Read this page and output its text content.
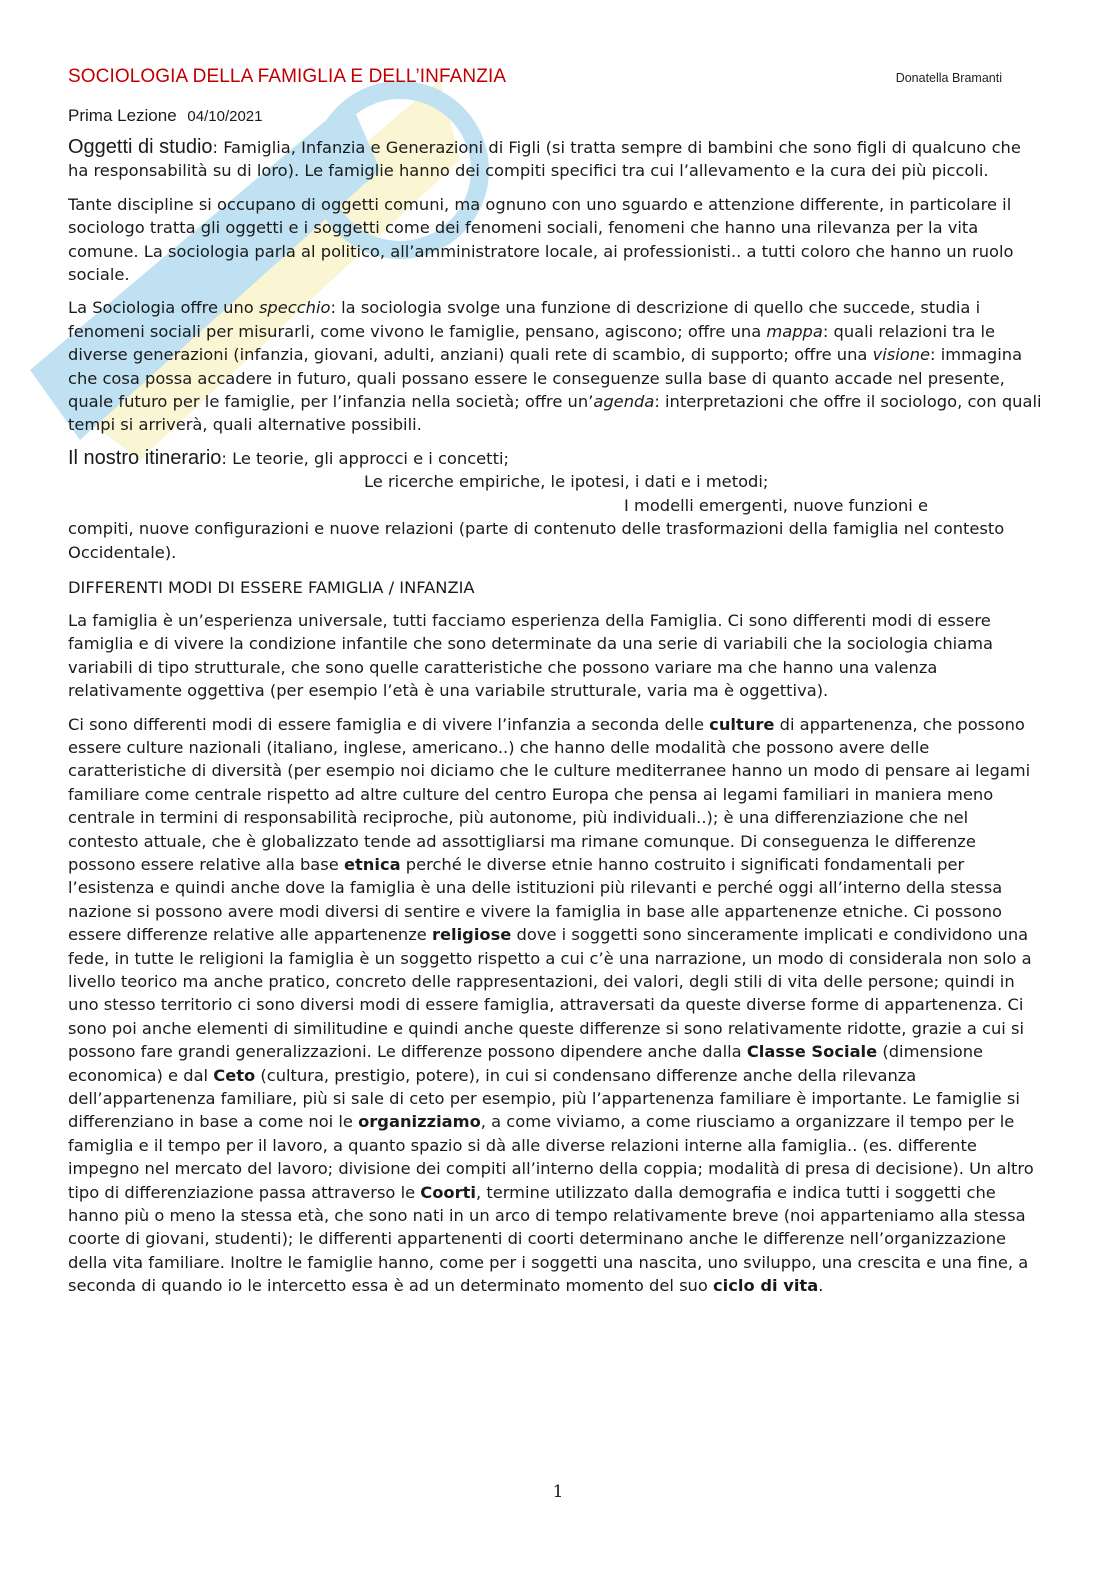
SOCIOLOGIA DELLA FAMIGLIA E DELL’INFANZIA	Donatella Bramanti
Prima Lezione 04/10/2021

Oggetti di studio: Famiglia, Infanzia e Generazioni di Figli (si tratta sempre di bambini che sono figli di qualcuno che ha responsabilità su di loro). Le famiglie hanno dei compiti specifici tra cui l’allevamento e la cura dei più piccoli.

Tante discipline si occupano di oggetti comuni, ma ognuno con uno sguardo e attenzione differente, in particolare il sociologo tratta gli oggetti e i soggetti come dei fenomeni sociali, fenomeni che hanno una rilevanza per la vita comune. La sociologia parla al politico, all’amministratore locale, ai professionisti.. a tutti coloro che hanno un ruolo sociale.

La Sociologia offre uno specchio: la sociologia svolge una funzione di descrizione di quello che succede, studia i fenomeni sociali per misurarli, come vivono le famiglie, pensano, agiscono; offre una mappa: quali relazioni tra le diverse generazioni (infanzia, giovani, adulti, anziani) quali rete di scambio, di supporto; offre una visione: immagina che cosa possa accadere in futuro, quali possano essere le conseguenze sulla base di quanto accade nel presente, quale futuro per le famiglie, per l’infanzia nella società; offre un’agenda: interpretazioni che offre il sociologo, con quali tempi si arriverà, quali alternative possibili.

Il nostro itinerario: Le teorie, gli approcci e i concetti;

Le ricerche empiriche, le ipotesi, i dati e i metodi;

I modelli emergenti, nuove funzioni e

compiti, nuove configurazioni e nuove relazioni (parte di contenuto delle trasformazioni della famiglia nel contesto Occidentale).

DIFFERENTI MODI DI ESSERE FAMIGLIA / INFANZIA

La famiglia è un’esperienza universale, tutti facciamo esperienza della Famiglia. Ci sono differenti modi di essere famiglia e di vivere la condizione infantile che sono determinate da una serie di variabili che la sociologia chiama variabili di tipo strutturale, che sono quelle caratteristiche che possono variare ma che hanno una valenza relativamente oggettiva (per esempio l’età è una variabile strutturale, varia ma è oggettiva).

Ci sono differenti modi di essere famiglia e di vivere l’infanzia a seconda delle culture di appartenenza, che possono essere culture nazionali (italiano, inglese, americano..) che hanno delle modalità che possono avere delle caratteristiche di diversità (per esempio noi diciamo che le culture mediterranee hanno un modo di pensare ai legami familiare come centrale rispetto ad altre culture del centro Europa che pensa ai legami familiari in maniera meno centrale in termini di responsabilità reciproche, più autonome, più individuali..); è una differenziazione che nel contesto attuale, che è globalizzato tende ad assottigliarsi ma rimane comunque. Di conseguenza le differenze possono essere relative alla base etnica perché le diverse etnie hanno costruito i significati fondamentali per l’esistenza e quindi anche dove la famiglia è una delle istituzioni più rilevanti e perché oggi all’interno della stessa nazione si possono avere modi diversi di sentire e vivere la famiglia in base alle appartenenze etniche. Ci possono essere differenze relative alle appartenenze religiose dove i soggetti sono sinceramente implicati e condividono una fede, in tutte le religioni la famiglia è un soggetto rispetto a cui c’è una narrazione, un modo di considerala non solo a livello teorico ma anche pratico, concreto delle rappresentazioni, dei valori, degli stili di vita delle persone; quindi in uno stesso territorio ci sono diversi modi di essere famiglia, attraversati da queste diverse forme di appartenenza. Ci sono poi anche elementi di similitudine e quindi anche queste differenze si sono relativamente ridotte, grazie a cui si possono fare grandi generalizzazioni. Le differenze possono dipendere anche dalla Classe Sociale (dimensione economica) e dal Ceto (cultura, prestigio, potere), in cui si condensano differenze anche della rilevanza dell’appartenenza familiare, più si sale di ceto per esempio, più l’appartenenza familiare è importante. Le famiglie si differenziano in base a come noi le organizziamo, a come viviamo, a come riusciamo a organizzare il tempo per le famiglia e il tempo per il lavoro, a quanto spazio si dà alle diverse relazioni interne alla famiglia.. (es. differente impegno nel mercato del lavoro; divisione dei compiti all’interno della coppia; modalità di presa di decisione). Un altro tipo di differenziazione passa attraverso le Coorti, termine utilizzato dalla demografia e indica tutti i soggetti che hanno più o meno la stessa età, che sono nati in un arco di tempo relativamente breve (noi apparteniamo alla stessa coorte di giovani, studenti); le differenti appartenenti di coorti determinano anche le differenze nell’organizzazione della vita familiare. Inoltre le famiglie hanno, come per i soggetti una nascita, uno sviluppo, una crescita e una fine, a seconda di quando io le intercetto essa è ad un determinato momento del suo ciclo di vita.

1
